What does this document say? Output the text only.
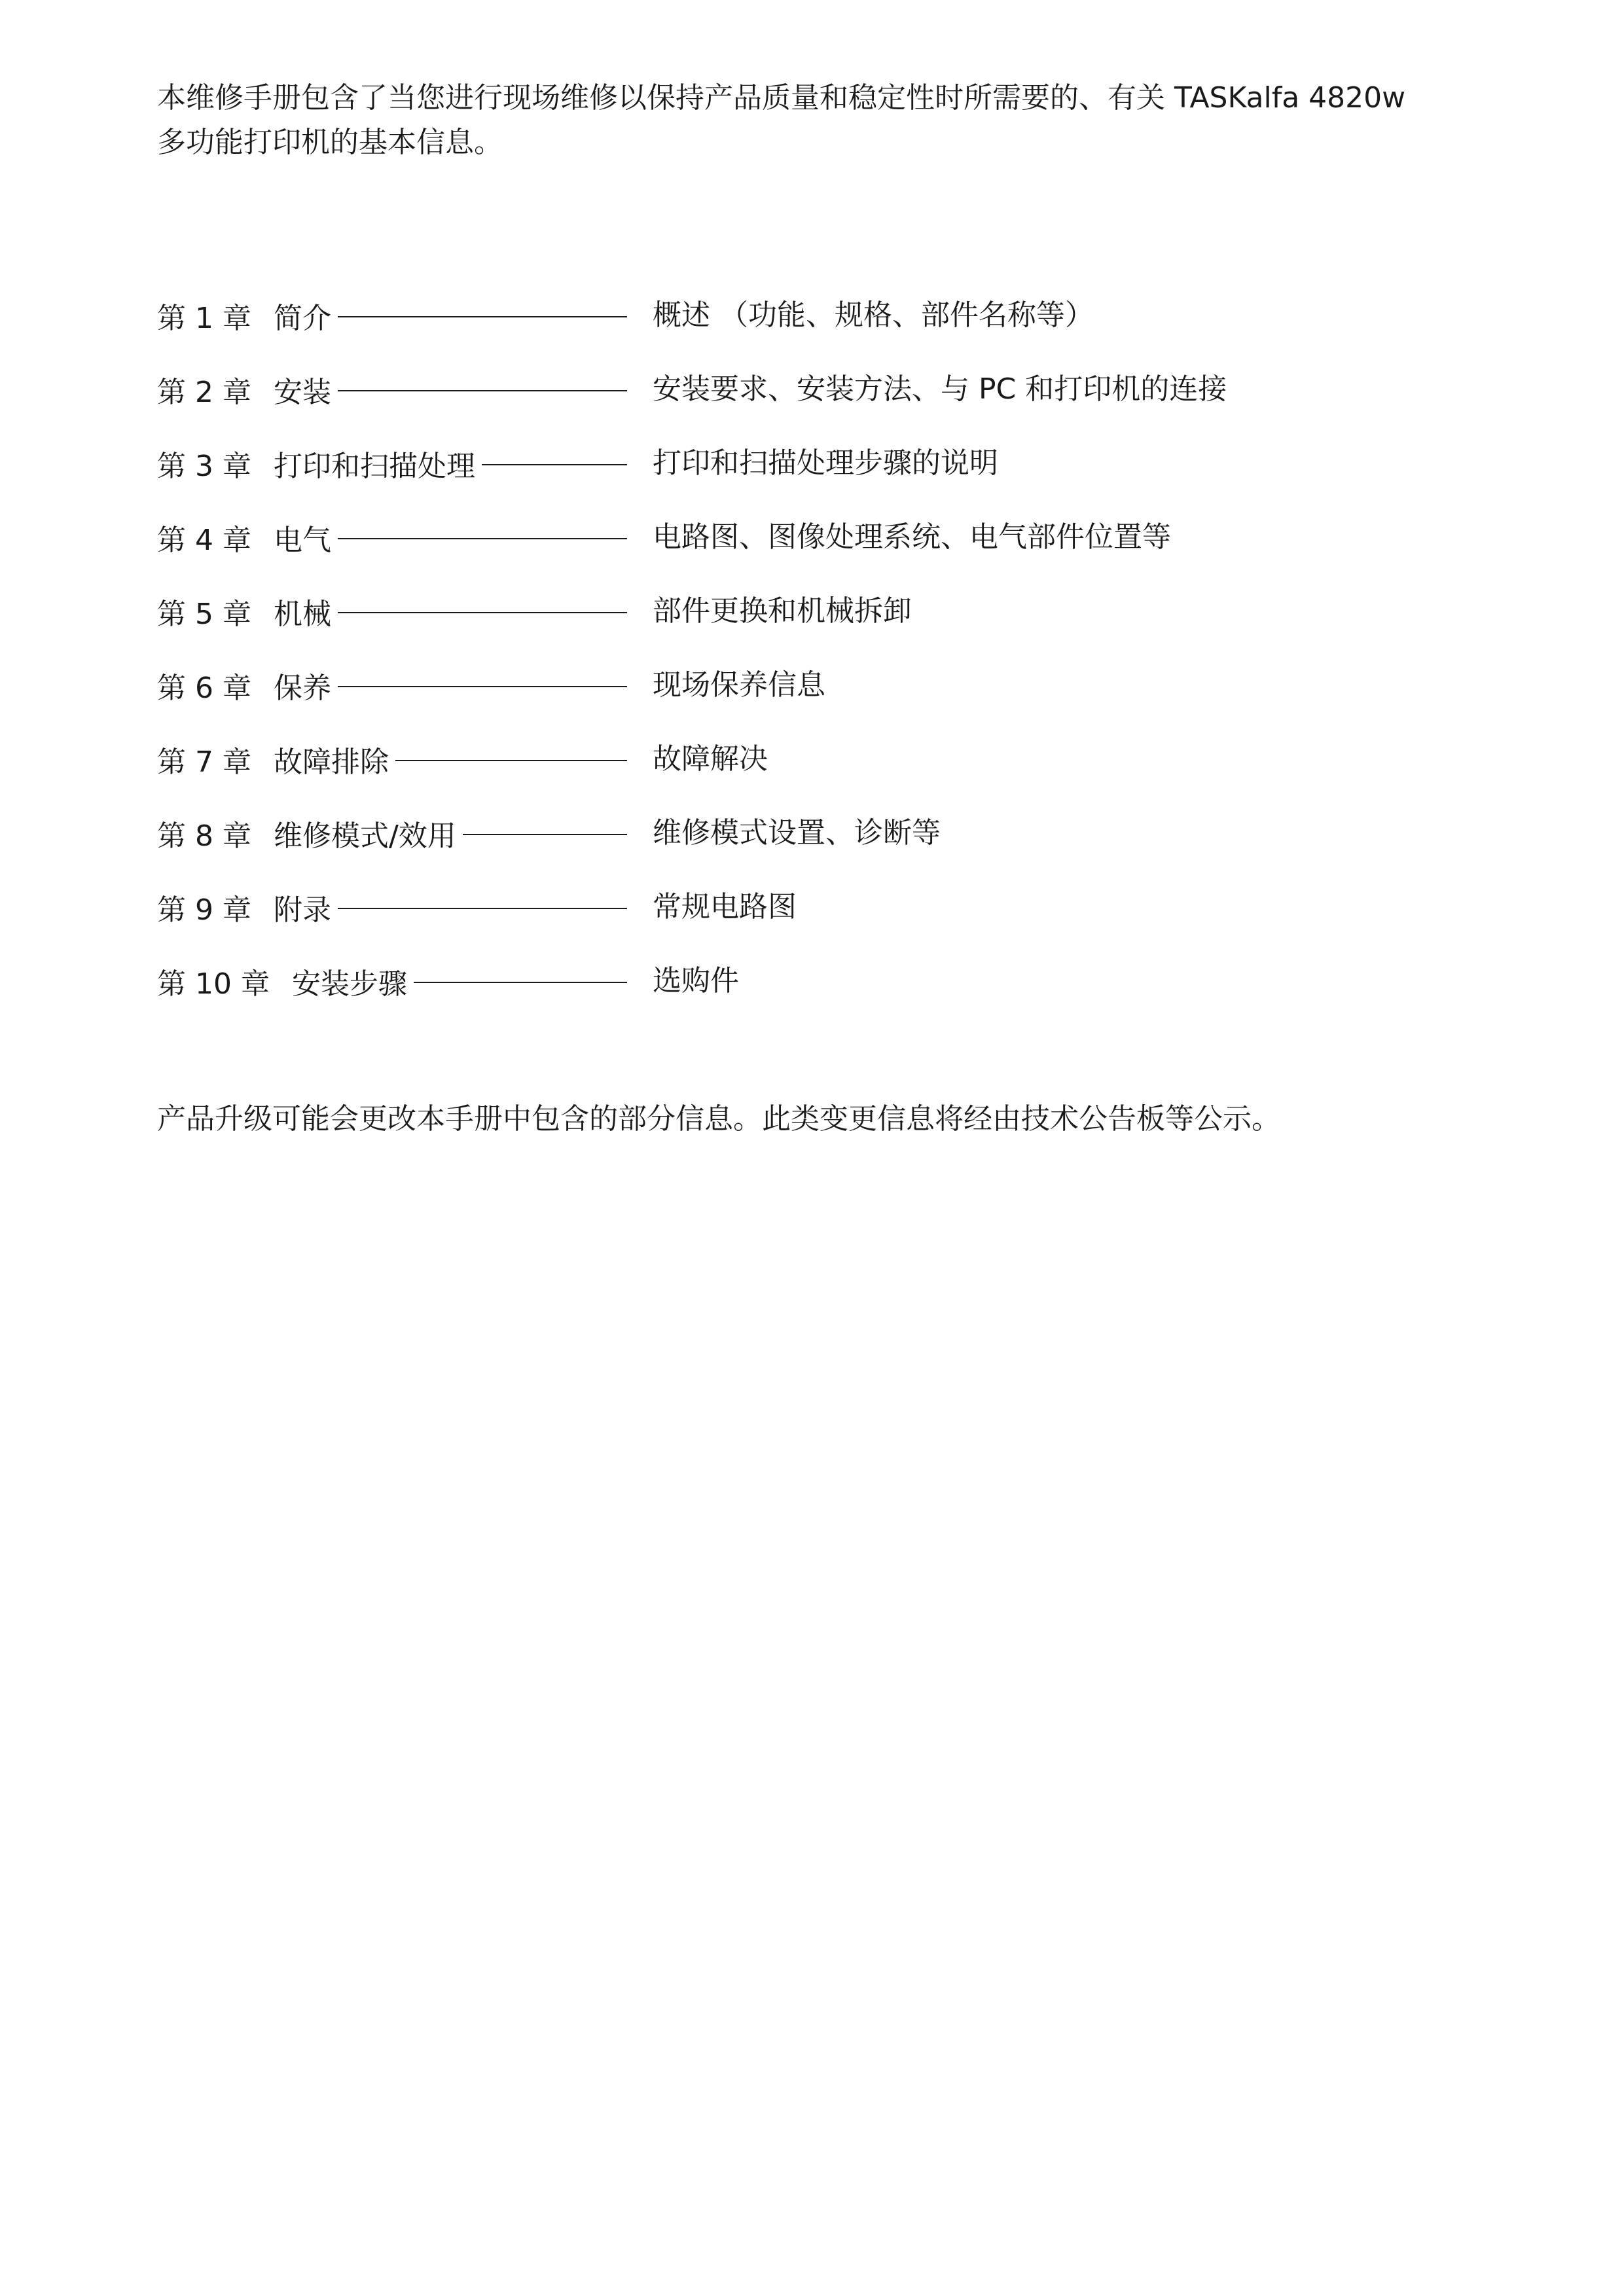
本维修手册包含了当您进行现场维修以保持产品质量和稳定性时所需要的、有关 TASKalfa 4820w
多功能打印机的基本信息。

第 1 章 简介	概述 （功能、规格、部件名称等）
第 2 章 安装	安装要求、安装方法、与 PC 和打印机的连接
第 3 章 打印和扫描处理	打印和扫描处理步骤的说明
第 4 章 电气	电路图、图像处理系统、电气部件位置等
第 5 章 机械	部件更换和机械拆卸
第 6 章 保养	现场保养信息
第 7 章 故障排除	故障解决
第 8 章 维修模式/效用	维修模式设置、诊断等
第 9 章 附录	常规电路图
第 10 章 安装步骤	选购件

产品升级可能会更改本手册中包含的部分信息。此类变更信息将经由技术公告板等公示。
